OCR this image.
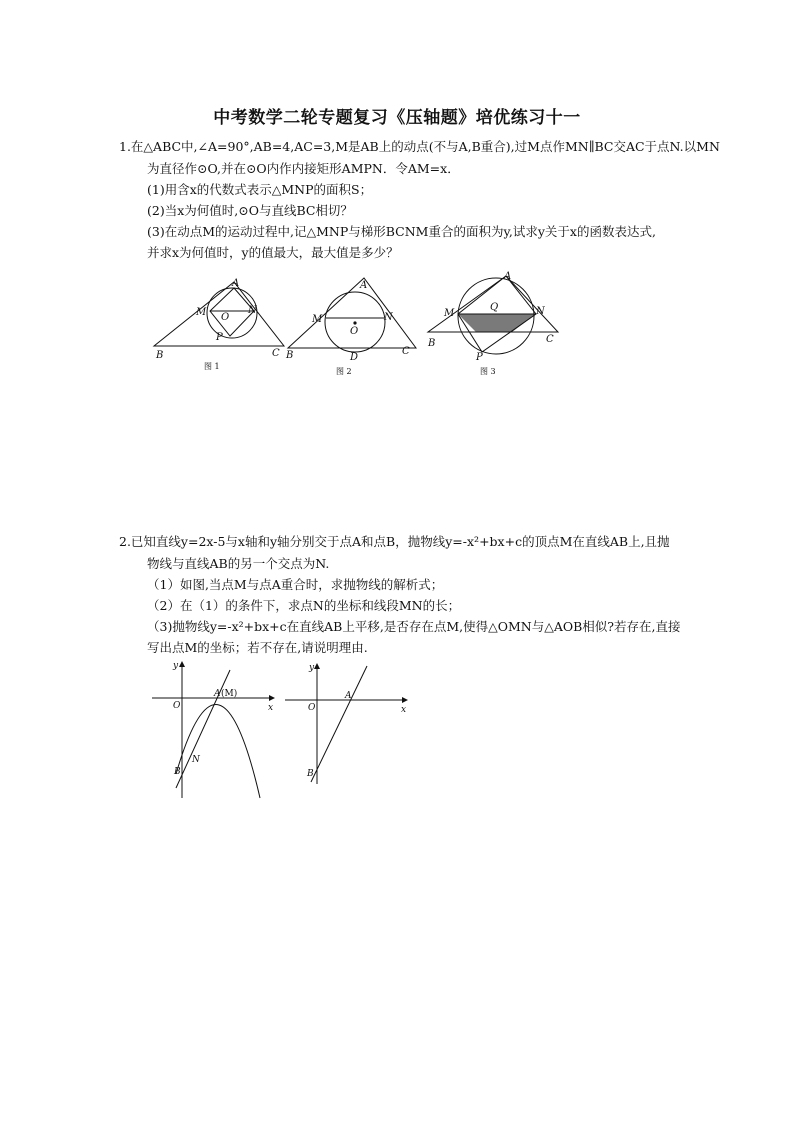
中考数学二轮专题复习《压轴题》培优练习十一
1.在△ABC中,∠A=90°,AB=4,AC=3,M是AB上的动点(不与A,B重合),过M点作MN∥BC交AC于点N.以MN
为直径作⊙O,并在⊙O内作内接矩形AMPN．令AM=x．
(1)用含x的代数式表示△MNP的面积S；
(2)当x为何值时,⊙O与直线BC相切？
(3)在动点M的运动过程中,记△MNP与梯形BCNM重合的面积为y,试求y关于x的函数表达式,
并求x为何值时，y的值最大，最大值是多少？
A
M	N
O
P
B	C
图 1
A
M	N
O
D
B	C
图 2
A
Q
M	N
P
B	C
图 3
2.已知直线y=2x-5与x轴和y轴分别交于点A和点B，抛物线y=-x²+bx+c的顶点M在直线AB上,且抛
物线与直线AB的另一个交点为N.
（1）如图,当点M与点A重合时，求抛物线的解析式；
（2）在（1）的条件下，求点N的坐标和线段MN的长；
（3)抛物线y=-x²+bx+c在直线AB上平移,是否存在点M,使得△OMN与△AOB相似?若存在,直接
写出点M的坐标；若不存在,请说明理由.
y
x
O
A (M)
B
N
y
x
O
A
B
